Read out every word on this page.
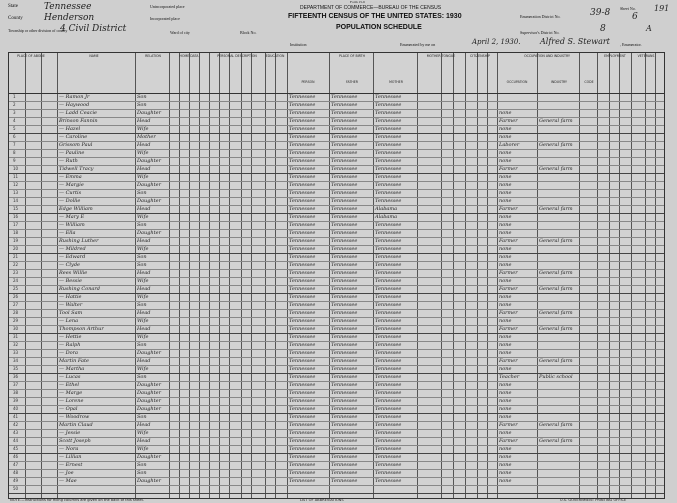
State	Tennessee
County Henderson
Township or other division of county
4 Civil District
Incorporated place
Ward of city	Block No.
Unincorporated place
Institution
Form 15-6
DEPARTMENT OF COMMERCE—BUREAU OF THE CENSUS
FIFTEENTH CENSUS OF THE UNITED STATES: 1930
POPULATION SCHEDULE
Enumerated by me on	April 2, 1930. Alfred S. Stewart	, Enumerator.
Enumeration District No.	39-8
Supervisor's District No.	8
Sheet No.
6
A
191
PLACE OF ABODE	NAME	RELATION	HOME DATA	PERSONAL DESCRIPTION	EDUCATION	PLACE OF BIRTH
PERSON	FATHER	MOTHER
MOTHER TONGUE	CITIZENSHIP	OCCUPATION AND INDUSTRY
OCCUPATION	INDUSTRY	CODE
EMPLOYMENT	VETERANS
1	— Ramon Jr	Son	Tennessee	Tennessee	Tennessee
2	— Haywood	Son	Tennessee	Tennessee	Tennessee
3	— Ladd Ceacie	Daughter	Tennessee	Tennessee	Tennessee	none
4	Brinson Fannin	Head	Tennessee	Tennessee	Tennessee	Farmer	General farm
5	— Hazel	Wife	Tennessee	Tennessee	Tennessee	none
6	— Caroline	Mother	Tennessee	Tennessee	Tennessee	none
7	Grissom Paul	Head	Tennessee	Tennessee	Tennessee	Laborer	General farm
8	— Pauline	Wife	Tennessee	Tennessee	Tennessee	none
9	— Ruth	Daughter	Tennessee	Tennessee	Tennessee	none
10	Tidwell Tracy	Head	Tennessee	Tennessee	Tennessee	Farmer	General farm
11	— Emma	Wife	Tennessee	Tennessee	Tennessee	none
12	— Margie	Daughter	Tennessee	Tennessee	Tennessee	none
13	— Curtis	Son	Tennessee	Tennessee	Tennessee	none
14	— Dollie	Daughter	Tennessee	Tennessee	Tennessee	none
15	Edge William	Head	Tennessee	Tennessee	Alabama	Farmer	General farm
16	— Mary E	Wife	Tennessee	Tennessee	Alabama	none
17	— William	Son	Tennessee	Tennessee	Tennessee	none
18	— Ella	Daughter	Tennessee	Tennessee	Tennessee	none
19	Rushing Luther	Head	Tennessee	Tennessee	Tennessee	Farmer	General farm
20	— Mildred	Wife	Tennessee	Tennessee	Tennessee	none
21	— Edward	Son	Tennessee	Tennessee	Tennessee	none
22	— Clyde	Son	Tennessee	Tennessee	Tennessee	none
23	Rees Willie	Head	Tennessee	Tennessee	Tennessee	Farmer	General farm
24	— Bessie	Wife	Tennessee	Tennessee	Tennessee	none
25	Rushing Conard	Head	Tennessee	Tennessee	Tennessee	Farmer	General farm
26	— Hattie	Wife	Tennessee	Tennessee	Tennessee	none
27	— Walter	Son	Tennessee	Tennessee	Tennessee	none
28	Tool Sam	Head	Tennessee	Tennessee	Tennessee	Farmer	General farm
29	— Lena	Wife	Tennessee	Tennessee	Tennessee	none
30	Thompson Arthur	Head	Tennessee	Tennessee	Tennessee	Farmer	General farm
31	— Hettie	Wife	Tennessee	Tennessee	Tennessee	none
32	— Ralph	Son	Tennessee	Tennessee	Tennessee	none
33	— Dora	Daughter	Tennessee	Tennessee	Tennessee	none
34	Martin Fate	Head	Tennessee	Tennessee	Tennessee	Farmer	General farm
35	— Martha	Wife	Tennessee	Tennessee	Tennessee	none
36	— Lucas	Son	Tennessee	Tennessee	Tennessee	Teacher	Public school
37	— Ethel	Daughter	Tennessee	Tennessee	Tennessee	none
38	— Marge	Daughter	Tennessee	Tennessee	Tennessee	none
39	— Lorene	Daughter	Tennessee	Tennessee	Tennessee	none
40	— Opal	Daughter	Tennessee	Tennessee	Tennessee	none
41	— Woodrow	Son	Tennessee	Tennessee	Tennessee	none
42	Martin Claud	Head	Tennessee	Tennessee	Tennessee	Farmer	General farm
43	— Jessie	Wife	Tennessee	Tennessee	Tennessee	none
44	Scott Joseph	Head	Tennessee	Tennessee	Tennessee	Farmer	General farm
45	— Nora	Wife	Tennessee	Tennessee	Tennessee	none
46	— Lillian	Daughter	Tennessee	Tennessee	Tennessee	none
47	— Ernest	Son	Tennessee	Tennessee	Tennessee	none
48	— Joe	Son	Tennessee	Tennessee	Tennessee	none
49	— Mae	Daughter	Tennessee	Tennessee	Tennessee	none
50
NOTE.—Instructions for filling columns are given on the back of this sheet.	LIST OF ABBREVIATIONS	U.S. GOVERNMENT PRINTING OFFICE
